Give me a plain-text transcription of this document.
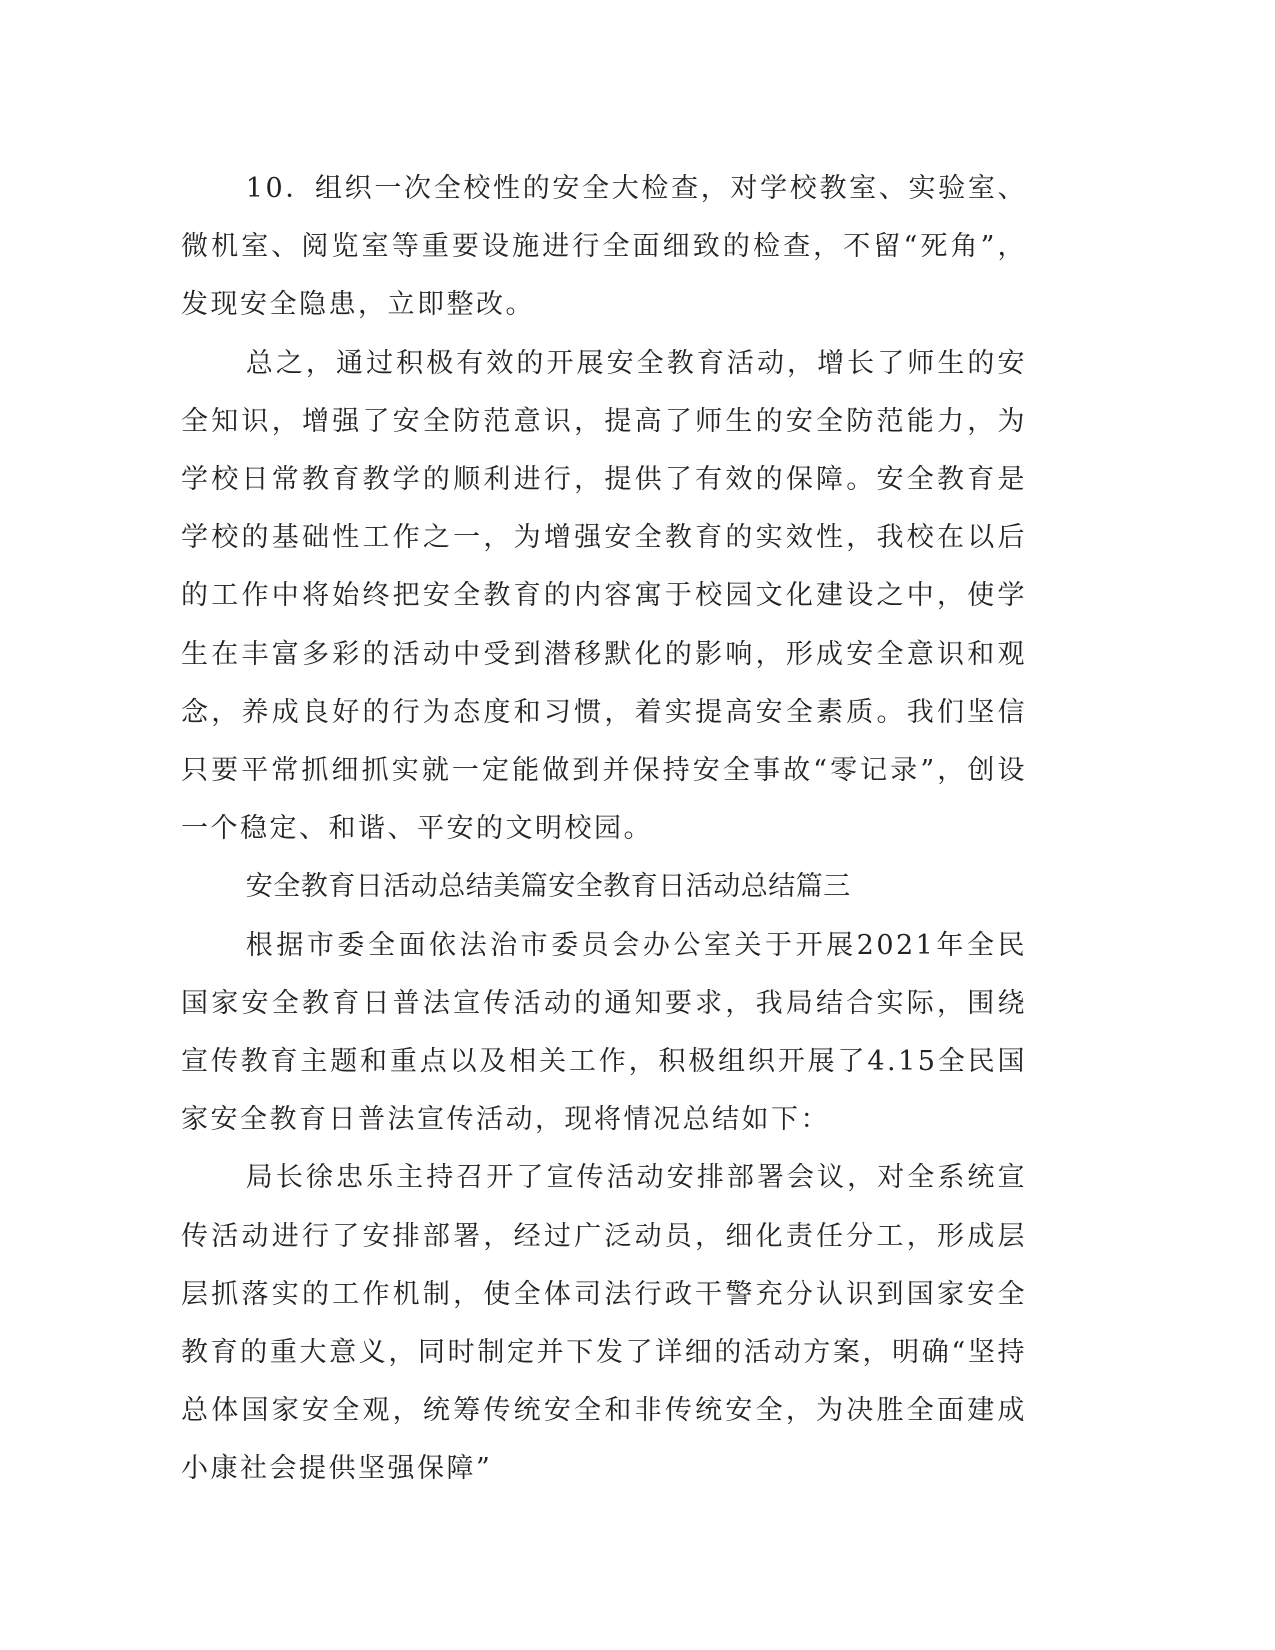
10．组织一次全校性的安全大检查，对学校教室、实验室、微机室、阅览室等重要设施进行全面细致的检查，不留“死角”，发现安全隐患，立即整改。

总之，通过积极有效的开展安全教育活动，增长了师生的安全知识，增强了安全防范意识，提高了师生的安全防范能力，为学校日常教育教学的顺利进行，提供了有效的保障。安全教育是学校的基础性工作之一，为增强安全教育的实效性，我校在以后的工作中将始终把安全教育的内容寓于校园文化建设之中，使学生在丰富多彩的活动中受到潜移默化的影响，形成安全意识和观念，养成良好的行为态度和习惯，着实提高安全素质。我们坚信只要平常抓细抓实就一定能做到并保持安全事故“零记录”，创设一个稳定、和谐、平安的文明校园。

安全教育日活动总结美篇安全教育日活动总结篇三

根据市委全面依法治市委员会办公室关于开展2021年全民国家安全教育日普法宣传活动的通知要求，我局结合实际，围绕宣传教育主题和重点以及相关工作，积极组织开展了4.15全民国家安全教育日普法宣传活动，现将情况总结如下：

局长徐忠乐主持召开了宣传活动安排部署会议，对全系统宣传活动进行了安排部署，经过广泛动员，细化责任分工，形成层层抓落实的工作机制，使全体司法行政干警充分认识到国家安全教育的重大意义，同时制定并下发了详细的活动方案，明确“坚持总体国家安全观，统筹传统安全和非传统安全，为决胜全面建成小康社会提供坚强保障”
